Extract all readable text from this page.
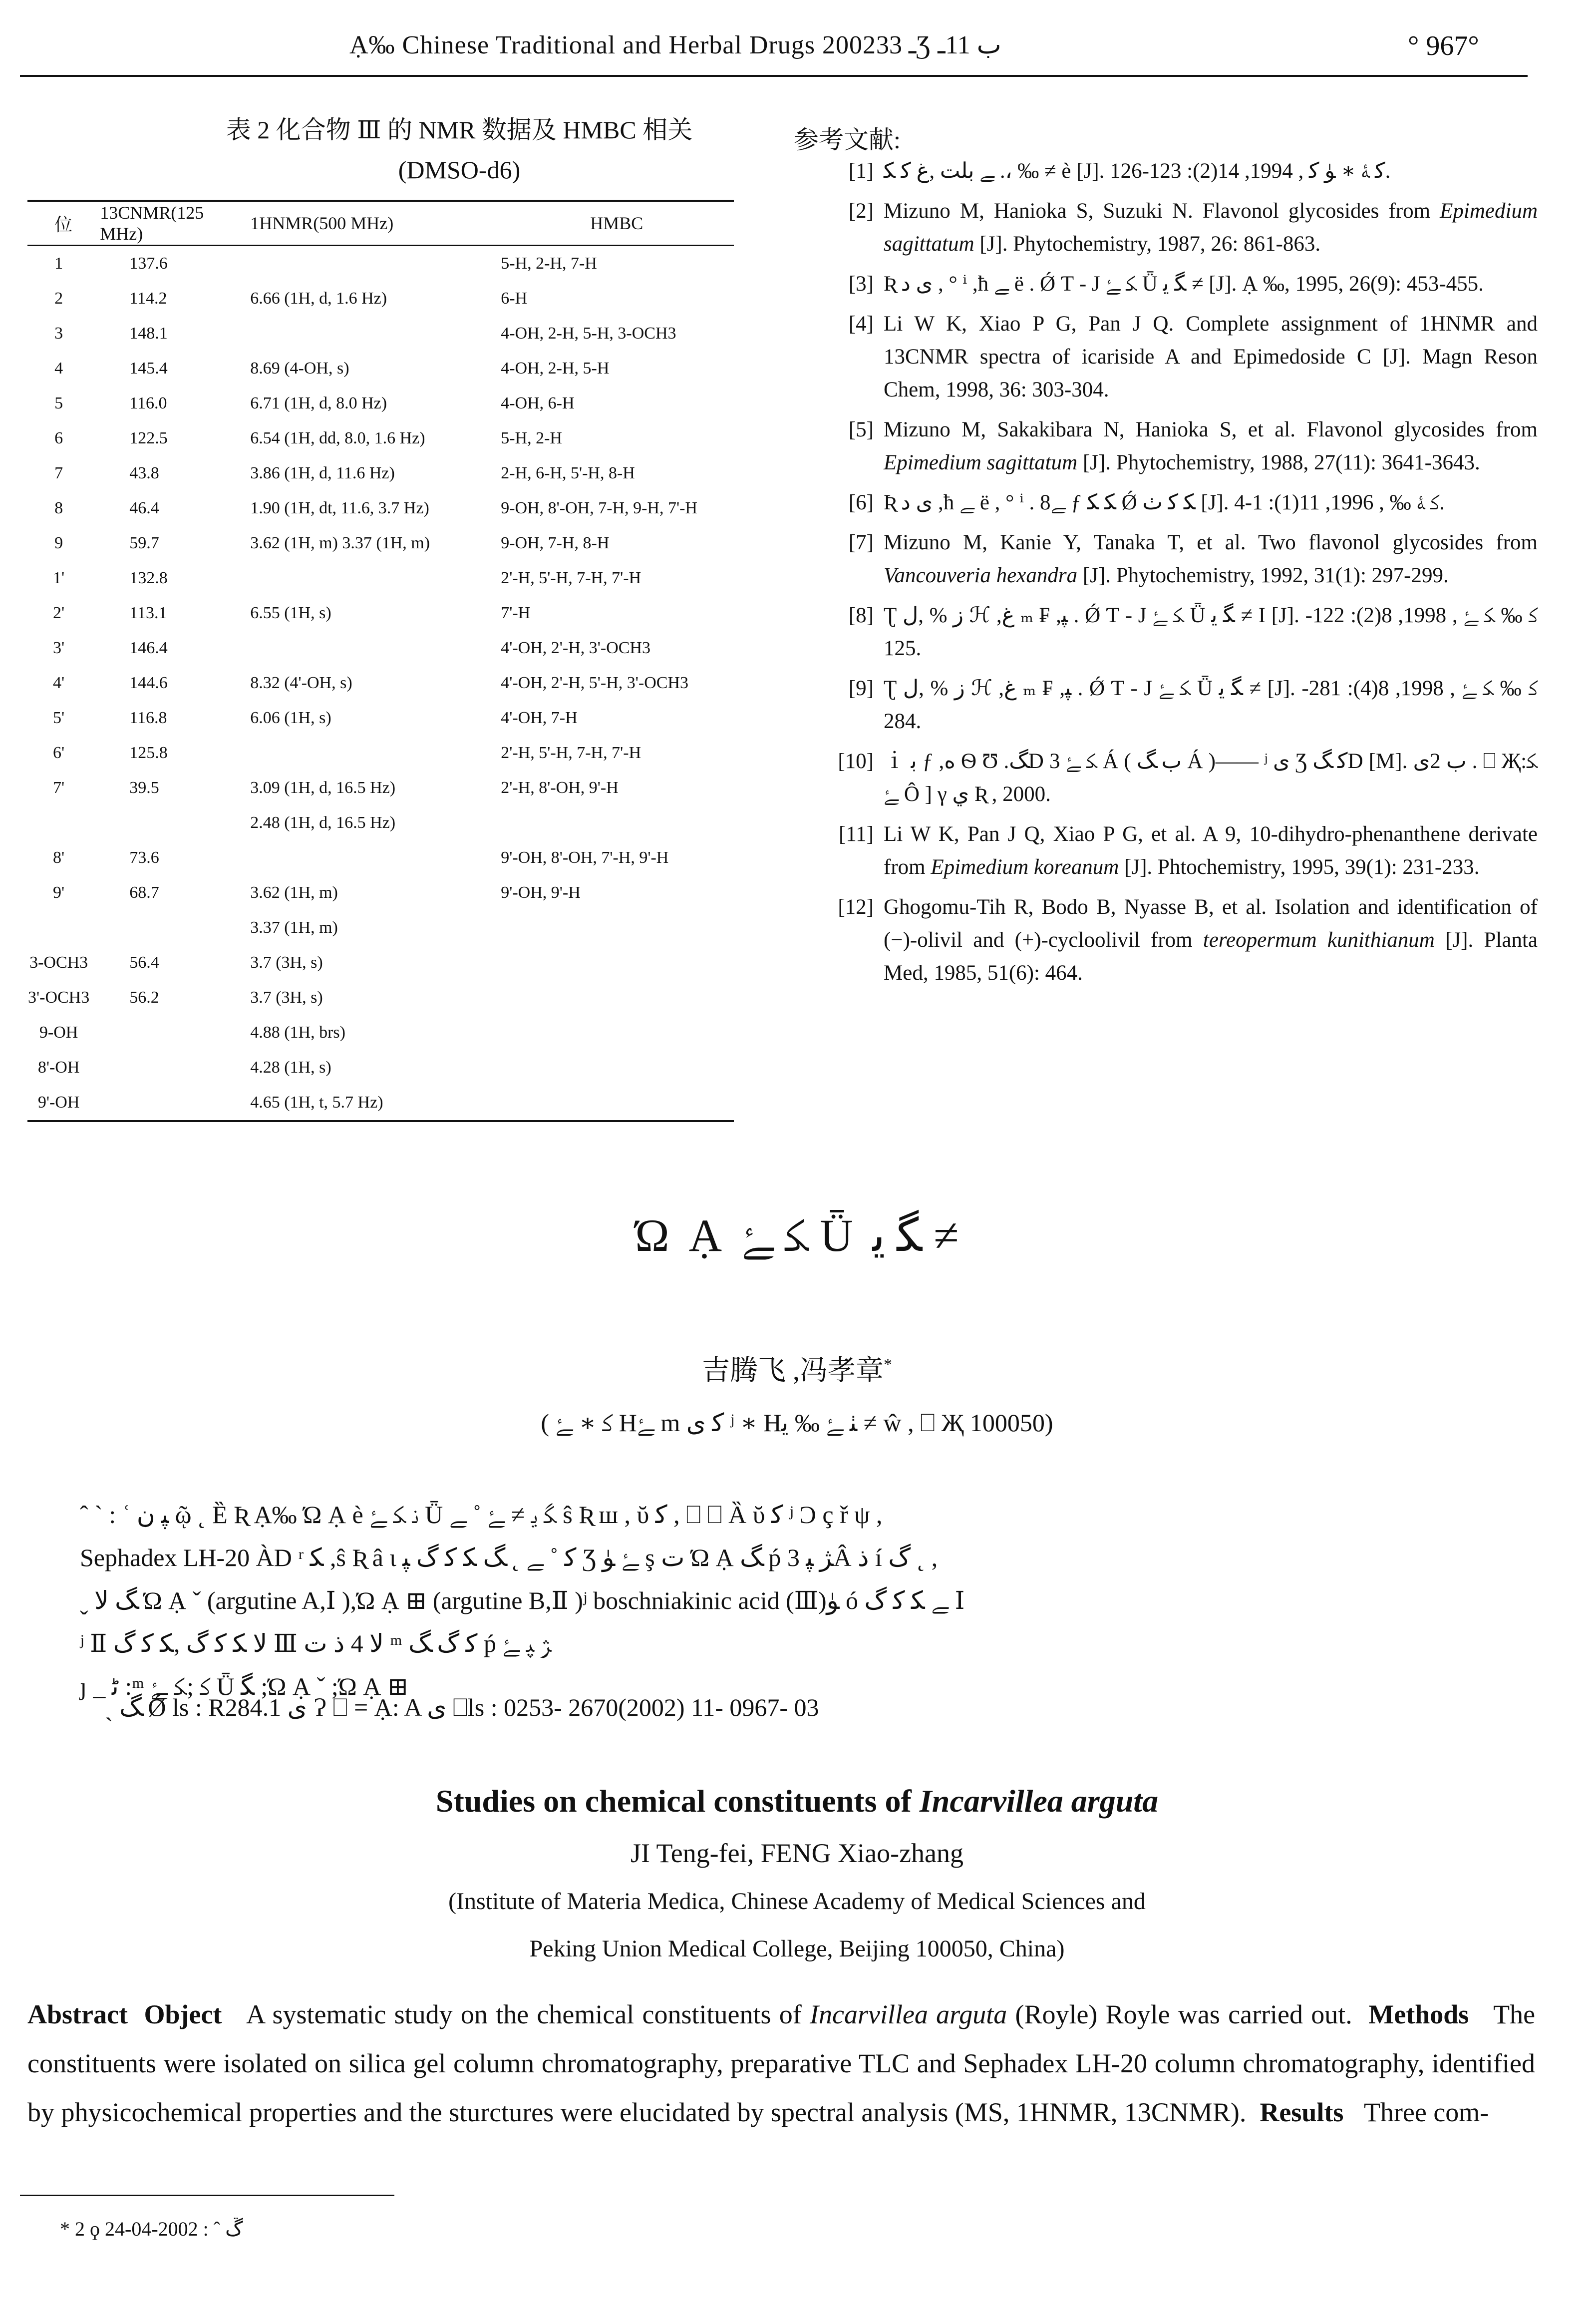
Ạ‰ Chinese Traditional and Herbal Drugs 2002ـ 33Ʒ ب 11ـ	° 967°
表 2 化合物 Ⅲ 的 NMR 数据及 HMBC 相关
(DMSO-d6)
位	13CNMR(125 MHz)	1HNMR(500 MHz)	HMBC
1	137.6		5-H, 2-H, 7-H
2	114.2	6.66 (1H, d, 1.6 Hz)	6-H
3	148.1		4-OH, 2-H, 5-H, 3-OCH3
4	145.4	8.69 (4-OH, s)	4-OH, 2-H, 5-H
5	116.0	6.71 (1H, d, 8.0 Hz)	4-OH, 6-H
6	122.5	6.54 (1H, dd, 8.0, 1.6 Hz)	5-H, 2-H
7	43.8	3.86 (1H, d, 11.6 Hz)	2-H, 6-H, 5'-H, 8-H
8	46.4	1.90 (1H, dt, 11.6, 3.7 Hz)	9-OH, 8'-OH, 7-H, 9-H, 7'-H
9	59.7	3.62 (1H, m) 3.37 (1H, m)	9-OH, 7-H, 8-H
1'	132.8		2'-H, 5'-H, 7-H, 7'-H
2'	113.1	6.55 (1H, s)	7'-H
3'	146.4		4'-OH, 2'-H, 3'-OCH3
4'	144.6	8.32 (4'-OH, s)	4'-OH, 2'-H, 5'-H, 3'-OCH3
5'	116.8	6.06 (1H, s)	4'-OH, 7-H
6'	125.8		2'-H, 5'-H, 7-H, 7'-H
7'	39.5	3.09 (1H, d, 16.5 Hz)	2'-H, 8'-OH, 9'-H
		2.48 (1H, d, 16.5 Hz)	
8'	73.6		9'-OH, 8'-OH, 7'-H, 9'-H
9'	68.7	3.62 (1H, m)	9'-OH, 9'-H
		3.37 (1H, m)	
3-OCH3	56.4	3.7 (3H, s)	
3'-OCH3	56.2	3.7 (3H, s)	
9-OH		4.88 (1H, brs)	
8'-OH		4.28 (1H, s)	
9'-OH		4.65 (1H, t, 5.7 Hz)	
参考文献:
[1] ﮯ ﺑﻠﺖ ,ﻍ ﻛ ﮑ .، ‰ ≠ è [J]. ﮐ ﮥ ∗ ﯜ ﮐ , 1994, 14(2): 123-126.
[2] Mizuno M, Hanioka S, Suzuki N. Flavonol glycosides from Epimedium sagittatum [J]. Phytochemistry, 1987, 26: 861-863.
[3] Ʀ ﯼ ﺩ , ° ⁱ ,ħ ﮯ ë . Ǿ Ƭ - J ﮑ ﮱ Ǖ ﮕ ﯾ ≠ [J]. Ạ ‰, 1995, 26(9): 453-455.
[4] Li W K, Xiao P G, Pan J Q. Complete assignment of 1HNMR and 13CNMR spectra of icariside A and Epimedoside C [J]. Magn Reson Chem, 1998, 36: 303-304.
[5] Mizuno M, Sakakibara N, Hanioka S, et al. Flavonol glycosides from Epimedium sagittatum [J]. Phytochemistry, 1988, 27(11): 3641-3643.
[6] Ʀ ﯼ ﺩ ,ħ ﮯ ë , ° ⁱ . 8ﮯ ƒ ﮑ ﮑ Ǿ ﮑ ﮐ ﭞ [J]. ﮐ ﮥ ‰ , 1996, 11(1): 1-4.
[7] Mizuno M, Kanie Y, Tanaka T, et al. Two flavonol glycosides from Vancouveria hexandra [J]. Phytochemistry, 1992, 31(1): 297-299.
[8] Ʈ ﺯ % ,ﻝ ℋ ,ﻍ ₘ ₣ ,ﭙ . Ǿ Ƭ - J ﮑ ﮱ Ǖ ﮕ ﯾ ≠ I [J]. ﮐ ‰ ﮑ ﮱ , 1998, 8(2): 122-125.
[9] Ʈ ﺯ % ,ﻝ ℋ ,ﻍ ₘ ₣ ,ﭙ . Ǿ Ƭ - J ﮑ ﮱ Ǖ ﮕ ﯾ ≠ [J]. ﮐ ‰ ﮑ ﮱ , 1998, 8(4): 281-284.
[10] ｉ ﺑ ƒ ,ﻩ Ѳ Ʊ .ﮓD ﮑ ﮱ 3 Á ( ﺏ ﮓ Á )—— ʲ ﯼ Ʒ ﮐ ﮓD [M]. ﺏ 2ﯼ . ⎕ Җ:ﮑ ﮱ Ô ] γ ﻱ Ʀ , 2000.
[11] Li W K, Pan J Q, Xiao P G, et al. A 9, 10-dihydro-phenanthene derivate from Epimedium koreanum [J]. Phtochemistry, 1995, 39(1): 231-233.
[12] Ghogomu-Tih R, Bodo B, Nyasse B, et al. Isolation and identification of (−)-olivil and (+)-cycloolivil from tereopermum kunithianum [J]. Planta Med, 1985, 51(6): 464.
Ώ Ạ ﮑ ﮱ Ǖ ﮕ ﯾ ≠
吉腾飞 ,冯孝章*
( ﮐ ∗ ﮱ Hﮱ m ﮐ ﯼ ʲ ∗ Hﭡ ﮱ ‰ ﯾ ≠ ŵ , ⎕ Җ 100050)

ˆ ˋ : ʿ ﭙ ﻥ ῷ ˛ Ȅ Ʀ Ạ‰ Ώ Ạ è ﻧ ﮑ ﮱ Ǖ ﮕ ﯾ ≠ ﮱ ˚ ﮯ ŝ Ʀ ш , ῠ ﮐ , ⎕ ⎕ Ȁ ῠ ﮐ ʲ Ͻ ç ř ψ ,

Sephadex LH-20 ÀD ʳ ﮑ ,ŝ Ʀ â ι ﮐ ˚ ﮯ ˛ ﮓ ﮑ ﮐ ﮒ ﭙ Ʒ ﮱ ﯜ ş ﺕ Ώ Ạ ﮓ ṕ ﮋ ﭙ 3Â ﺫ í ﮒ ˛ ,

ˬ ﮓ ﻻ Ώ Ạ ˇ (argutine A,Ⅰ ),Ώ Ạ ⊞ (argutine B,Ⅱ )ʲ boschniakinic acid (Ⅲ)ﯜ ó ﮯ ﮑ ﮐ ﮒ Ⅰ

ʲ Ⅱ ﻻ ﮑ ﮐ ﮒ ,ﮑ ﮐ ﮒ Ⅲ ﻻ 4 ﺫ ﺕ ᵐ ﮐ ﮒ ﮓ ṕ ﮋ ﭙ ﮱ

ȷ _ ﭨ :ᵐ ﮐ ;ﮑ ﮱ Ǖ ﮕ ;Ώ Ạ ˇ ;Ώ Ạ ⊞

ˎ ﮓ Ǿ ls : R284.1 ﯼ Ɂ ⎕ = Ạ: A ﯼ ⎕ls : 0253- 2670(2002) 11- 0967- 03
Studies on chemical constituents of Incarvillea arguta
JI Teng-fei, FENG Xiao-zhang
(Institute of Materia Medica, Chinese Academy of Medical Sciences and
Peking Union Medical College, Beijing 100050, China)
Abstract Object A systematic study on the chemical constituents of Incarvillea arguta (Royle) Royle was carried out. Methods The constituents were isolated on silica gel column chromatography, preparative TLC and Sephadex LH-20 column chromatography, identified by physicochemical properties and the sturctures were elucidated by spectral analysis (MS, 1HNMR, 13CNMR). Results Three com-
* 2 ϙ ﮚ ˆ : 2002-04-24
